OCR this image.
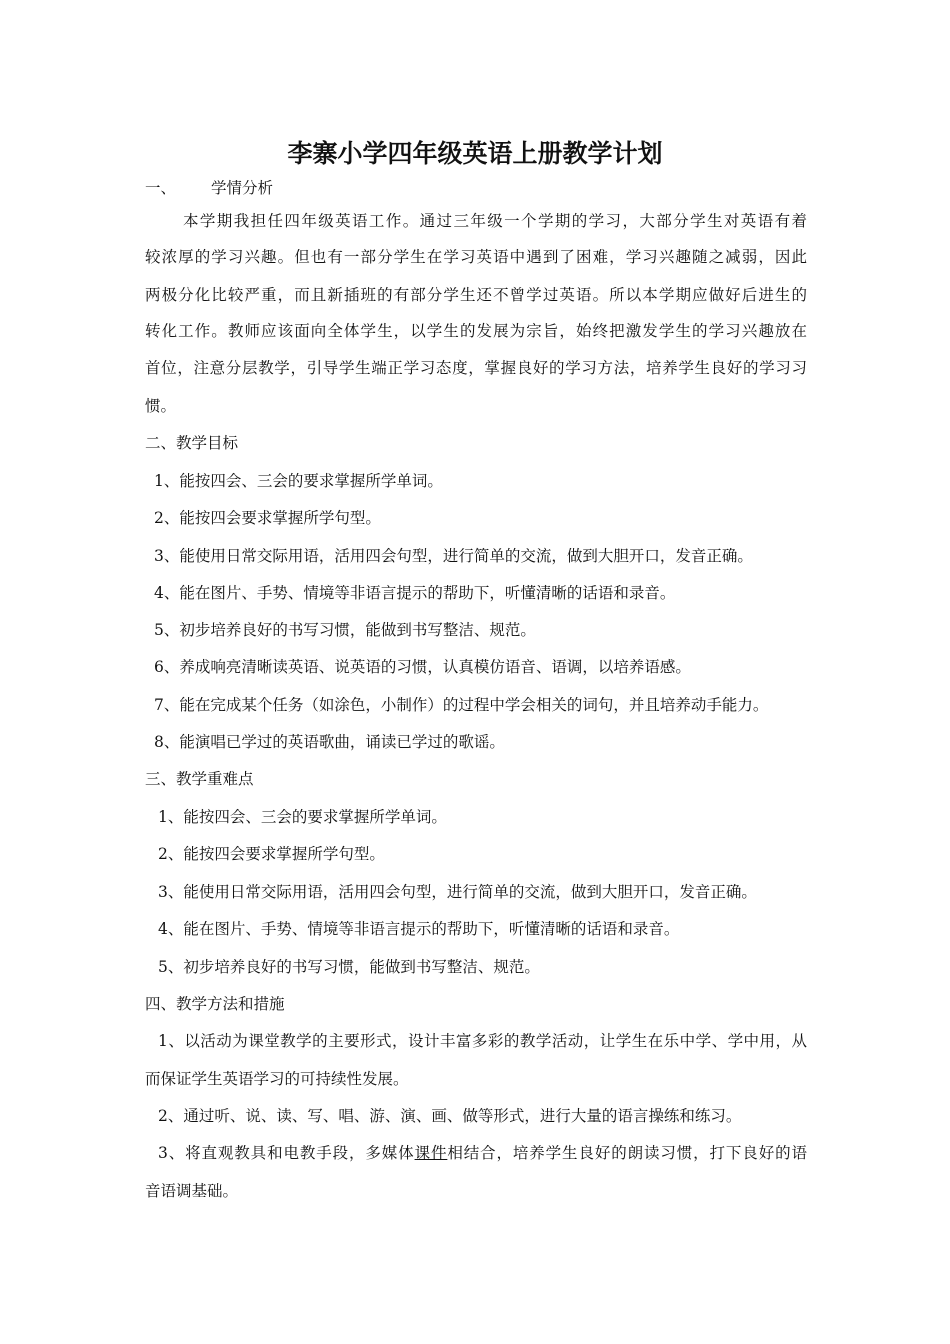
李寨小学四年级英语上册教学计划
一、	学情分析
本学期我担任四年级英语工作。通过三年级一个学期的学习，大部分学生对英语有着
较浓厚的学习兴趣。但也有一部分学生在学习英语中遇到了困难，学习兴趣随之减弱，因此
两极分化比较严重，而且新插班的有部分学生还不曾学过英语。所以本学期应做好后进生的
转化工作。教师应该面向全体学生，以学生的发展为宗旨，始终把激发学生的学习兴趣放在
首位，注意分层教学，引导学生端正学习态度，掌握良好的学习方法，培养学生良好的学习习
惯。
二、教学目标
1、能按四会、三会的要求掌握所学单词。
2、能按四会要求掌握所学句型。
3、能使用日常交际用语，活用四会句型，进行简单的交流，做到大胆开口，发音正确。
4、能在图片、手势、情境等非语言提示的帮助下，听懂清晰的话语和录音。
5、初步培养良好的书写习惯，能做到书写整洁、规范。
6、养成响亮清晰读英语、说英语的习惯，认真模仿语音、语调，以培养语感。
7、能在完成某个任务（如涂色，小制作）的过程中学会相关的词句，并且培养动手能力。
8、能演唱已学过的英语歌曲，诵读已学过的歌谣。
三、教学重难点
1、能按四会、三会的要求掌握所学单词。
2、能按四会要求掌握所学句型。
3、能使用日常交际用语，活用四会句型，进行简单的交流，做到大胆开口，发音正确。
4、能在图片、手势、情境等非语言提示的帮助下，听懂清晰的话语和录音。
5、初步培养良好的书写习惯，能做到书写整洁、规范。
四、教学方法和措施
1、以活动为课堂教学的主要形式，设计丰富多彩的教学活动，让学生在乐中学、学中用，从
而保证学生英语学习的可持续性发展。
2、通过听、说、读、写、唱、游、演、画、做等形式，进行大量的语言操练和练习。
3、将直观教具和电教手段，多媒体课件相结合，培养学生良好的朗读习惯，打下良好的语
音语调基础。
